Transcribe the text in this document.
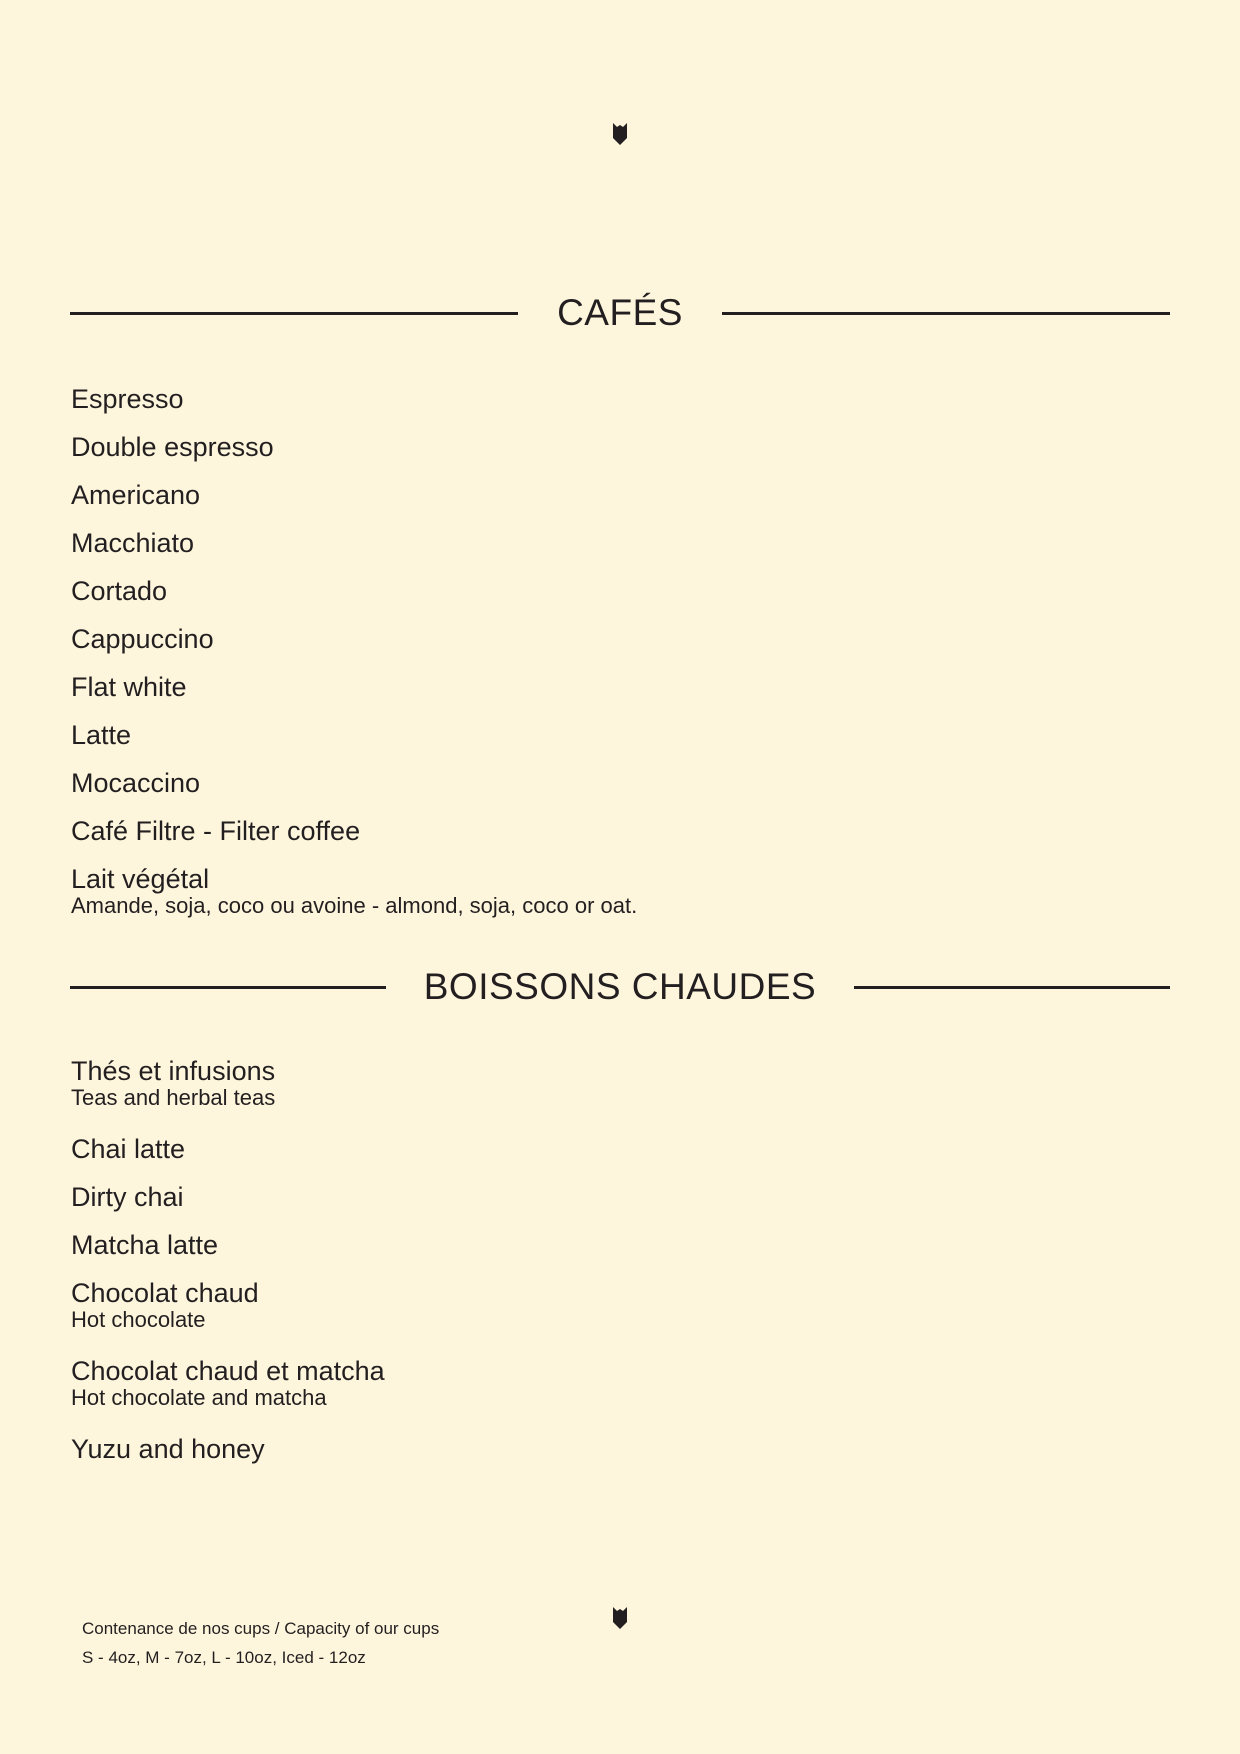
CAFÉS
Espresso
Double espresso
Americano
Macchiato
Cortado
Cappuccino
Flat white
Latte
Mocaccino
Café Filtre - Filter coffee
Lait végétal
Amande, soja, coco ou avoine - almond, soja, coco or oat.
BOISSONS CHAUDES
Thés et infusions
Teas and herbal teas
Chai latte
Dirty chai
Matcha latte
Chocolat chaud
Hot chocolate
Chocolat chaud et matcha
Hot chocolate and matcha
Yuzu and honey
Contenance de nos cups / Capacity of our cups
S - 4oz, M - 7oz, L - 10oz, Iced - 12oz
